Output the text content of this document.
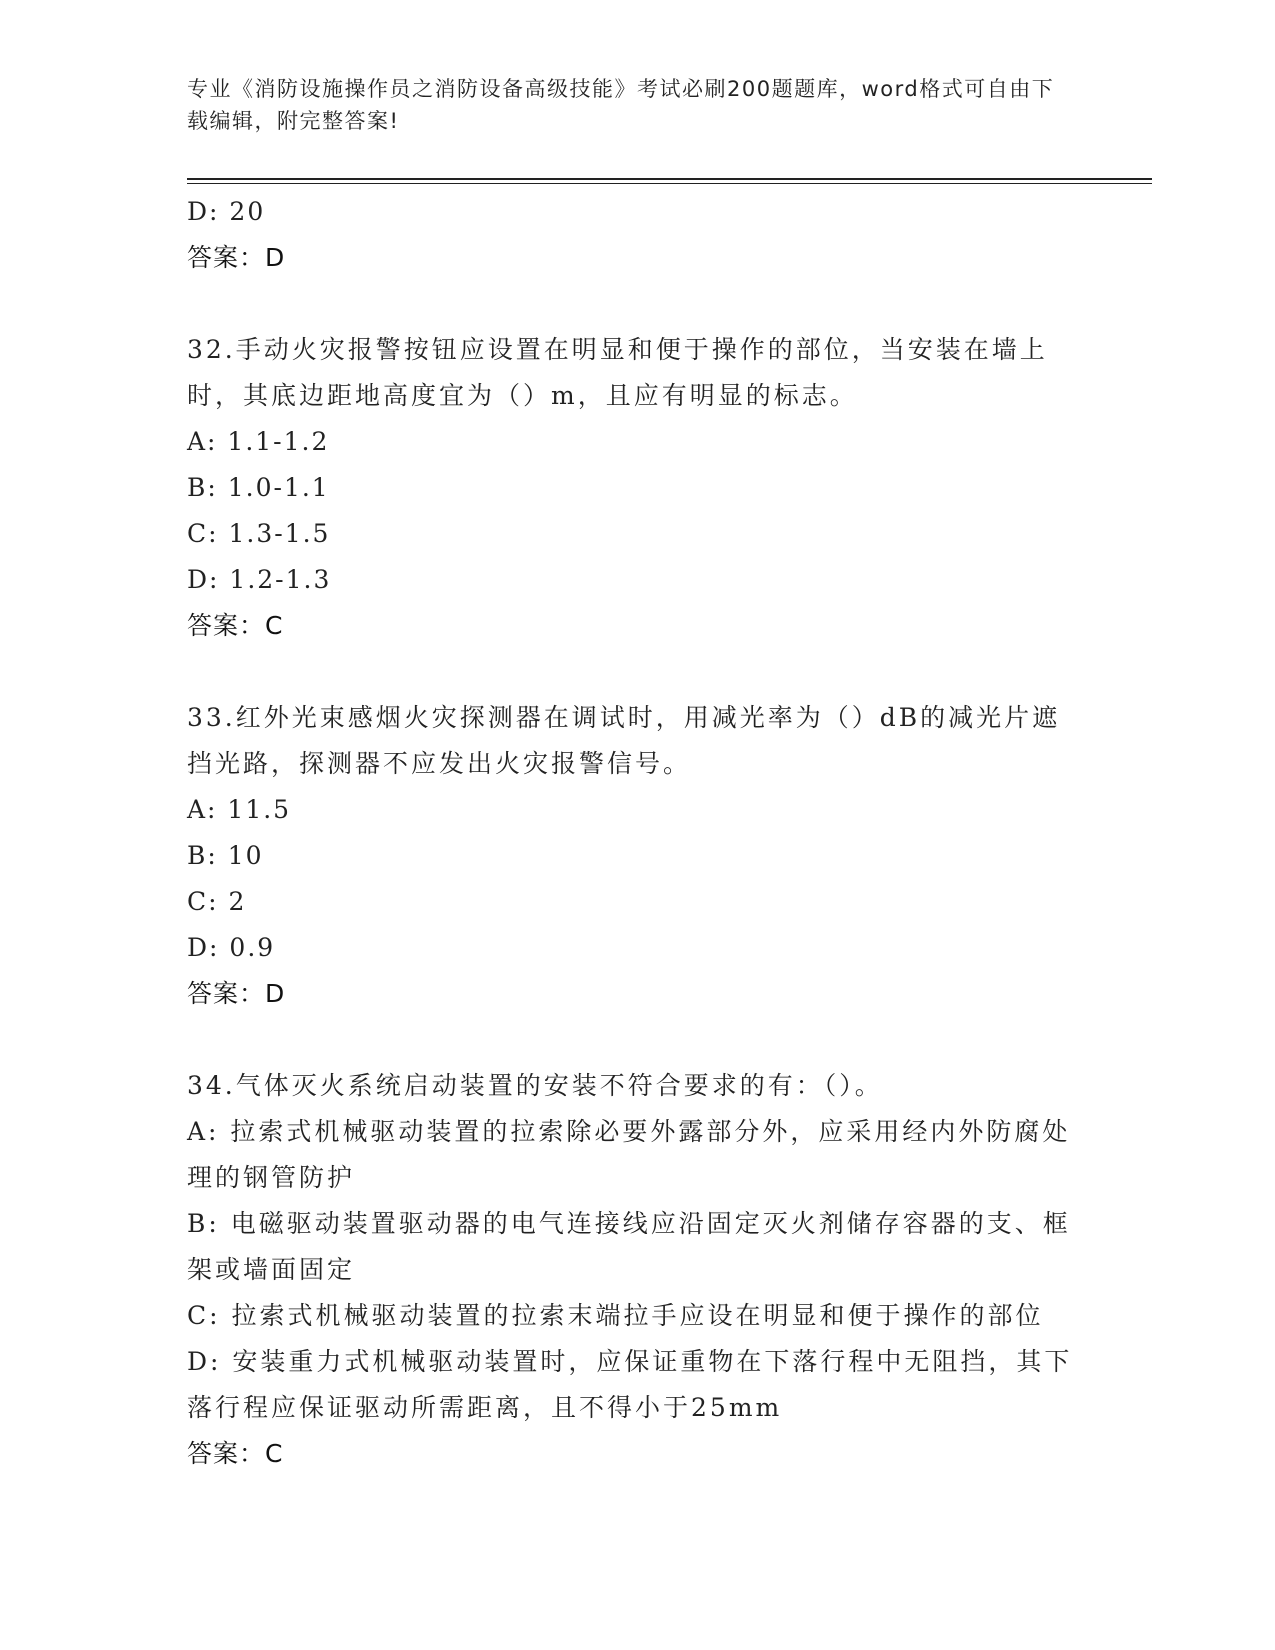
专业《消防设施操作员之消防设备高级技能》考试必刷200题题库，word格式可自由下载编辑，附完整答案!
D: 20
答案：D
32.手动火灾报警按钮应设置在明显和便于操作的部位，当安装在墙上时，其底边距地高度宜为（）m，且应有明显的标志。
A: 1.1-1.2
B: 1.0-1.1
C: 1.3-1.5
D: 1.2-1.3
答案：C
33.红外光束感烟火灾探测器在调试时，用减光率为（）dB的减光片遮挡光路，探测器不应发出火灾报警信号。
A: 11.5
B: 10
C: 2
D: 0.9
答案：D
34.气体灭火系统启动装置的安装不符合要求的有：（）。
A: 拉索式机械驱动装置的拉索除必要外露部分外，应采用经内外防腐处理的钢管防护
B: 电磁驱动装置驱动器的电气连接线应沿固定灭火剂储存容器的支、框架或墙面固定
C: 拉索式机械驱动装置的拉索末端拉手应设在明显和便于操作的部位
D: 安装重力式机械驱动装置时，应保证重物在下落行程中无阻挡，其下落行程应保证驱动所需距离，且不得小于25mm
答案：C
